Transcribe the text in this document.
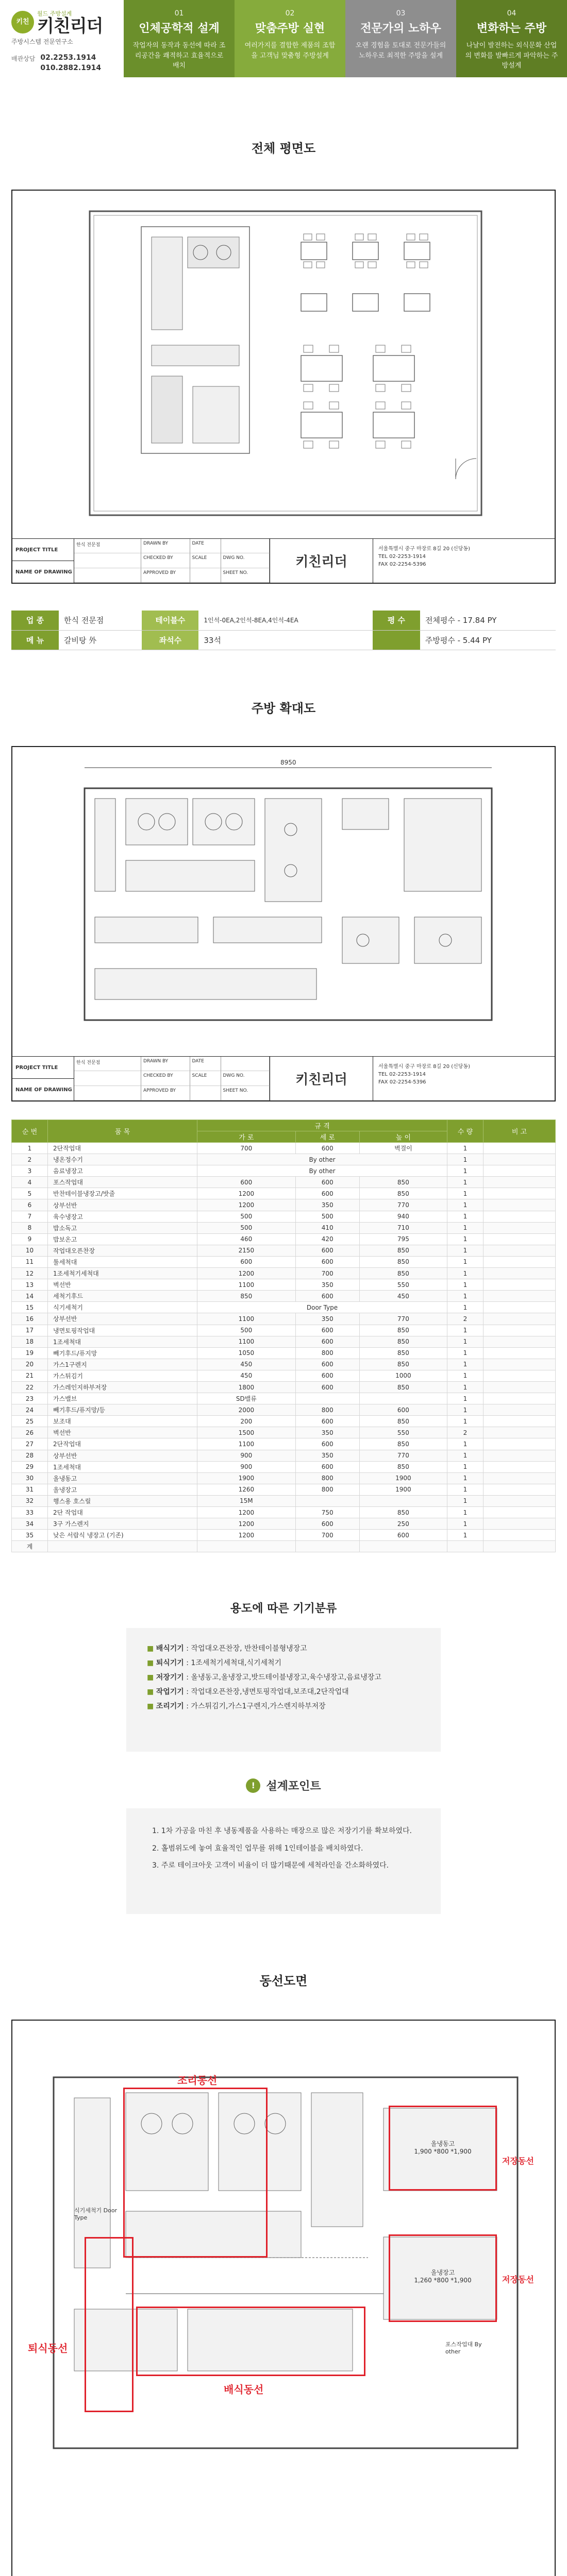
키친
월드 주방설계
키친리더
주방시스템 전문연구소
배관상담 02.2253.1914
010.2882.1914
01
인체공학적 설계
작업자의 동작과 동선에 따라 조리공간을 쾌적하고 효율적으로 배치
02
맞춤주방 실현
여러가지를 결합한 제품의 조합을 고객님 맞춤형 주방설계
03
전문가의 노하우
오랜 경험을 토대로 전문가들의 노하우로 최적한 주방을 설계
04
변화하는 주방
나날이 발전하는 외식문화 산업의 변화를 발빠르게 파악하는 주방설계
전체 평면도
PROJECT TITLE
NAME OF DRAWING
한식 전문점	DRAWN BY	DATE
CHECKED BY	SCALE	DWG NO.
APPROVED BY	SHEET NO.
키친리더
서울특별시 중구 마장로 8길 20 (신당동)
TEL 02-2253-1914
FAX 02-2254-5396
업 종	한식 전문점	테이블수	1인석-0EA,2인석-8EA,4인석-4EA	평 수	전체평수 - 17.84 PY
메 뉴	갈비탕 外	좌석수	33석		주방평수 - 5.44 PY
주방 확대도
8950
PROJECT TITLE
NAME OF DRAWING
한식 전문점	DRAWN BY	DATE
CHECKED BY	SCALE	DWG NO.
APPROVED BY	SHEET NO.
키친리더
서울특별시 중구 마장로 8길 20 (신당동)
TEL 02-2253-1914
FAX 02-2254-5396
순 번	품 목	규 격			수 량	비 고
		가 로	세 로	높 이		
1	2단작업대	700	600	벽걸이	1	
2	냉온정수기	By other			1	
3	음료냉장고	By other			1	
4	포스작업대	600	600	850	1	
5	반찬테이블냉장고/밧줄	1200	600	850	1	
6	상부선반	1200	350	770	1	
7	육수냉장고	500	500	940	1	
8	밥소독고	500	410	710	1	
9	밥보온고	460	420	795	1	
10	작업대오픈찬장	2150	600	850	1	
11	툴세척대	600	600	850	1	
12	1조세척기세척대	1200	700	850	1	
13	벽선반	1100	350	550	1	
14	세척기후드	850	600	450	1	
15	식기세척기	Door Type			1	
16	상부선반	1100	350	770	2	
17	냉면토핑작업대	500	600	850	1	
18	1조세척대	1100	600	850	1	
19	빼기후드/퓨지망	1050	800	850	1	
20	가스1구렌지	450	600	850	1	
21	가스튀김기	450	600	1000	1	
22	가스레인지하부저장	1800	600	850	1	
23	가스밸브	SD밸류			1	
24	빼기후드/퓨지망/등	2000	800	600	1	
25	보조대	200	600	850	1	
26	벽선반	1500	350	550	2	
27	2단작업대	1100	600	850	1	
28	상부선반	900	350	770	1	
29	1조세척대	900	600	850	1	
30	올냉동고	1900	800	1900	1	
31	올냉장고	1260	800	1900	1	
32	행스용 호스릴	15M			1	
33	2단 작업대	1200	750	850	1	
34	3구 가스렌지	1200	600	250	1	
35	낮은 서랍식 냉장고 (기존)	1200	700	600	1	
계						
용도에 따른 기기분류
■ 배식기기 : 작업대오픈찬장, 반찬테이블형냉장고
■ 퇴식기기 : 1조세척기세척대,식기세척기
■ 저장기기 : 올냉동고,올냉장고,밧드테이블냉장고,육수냉장고,음료냉장고
■ 작업기기 : 작업대오픈찬장,냉면토핑작업대,보조대,2단작업대
■ 조리기기 : 가스튀김기,가스1구렌지,가스렌지하부저장
! 설계포인트
1. 1차 가공을 마친 후 냉동제품을 사용하는 매장으로 많은 저장기기를 확보하였다.
2. 홀범위도에 놓여 효율적인 업무를 위해 1인테이블을 배치하였다.
3. 주로 테이크아웃 고객이 비율이 더 많기때문에 세척라인을 간소화하였다.
동선도면
조리동선
배식동선
퇴식동선
저장동선
저장동선
올냉동고
1,900 *800 *1,900
올냉장고
1,260 *800 *1,900
식기세척기 Door Type
포스작업대 By other
